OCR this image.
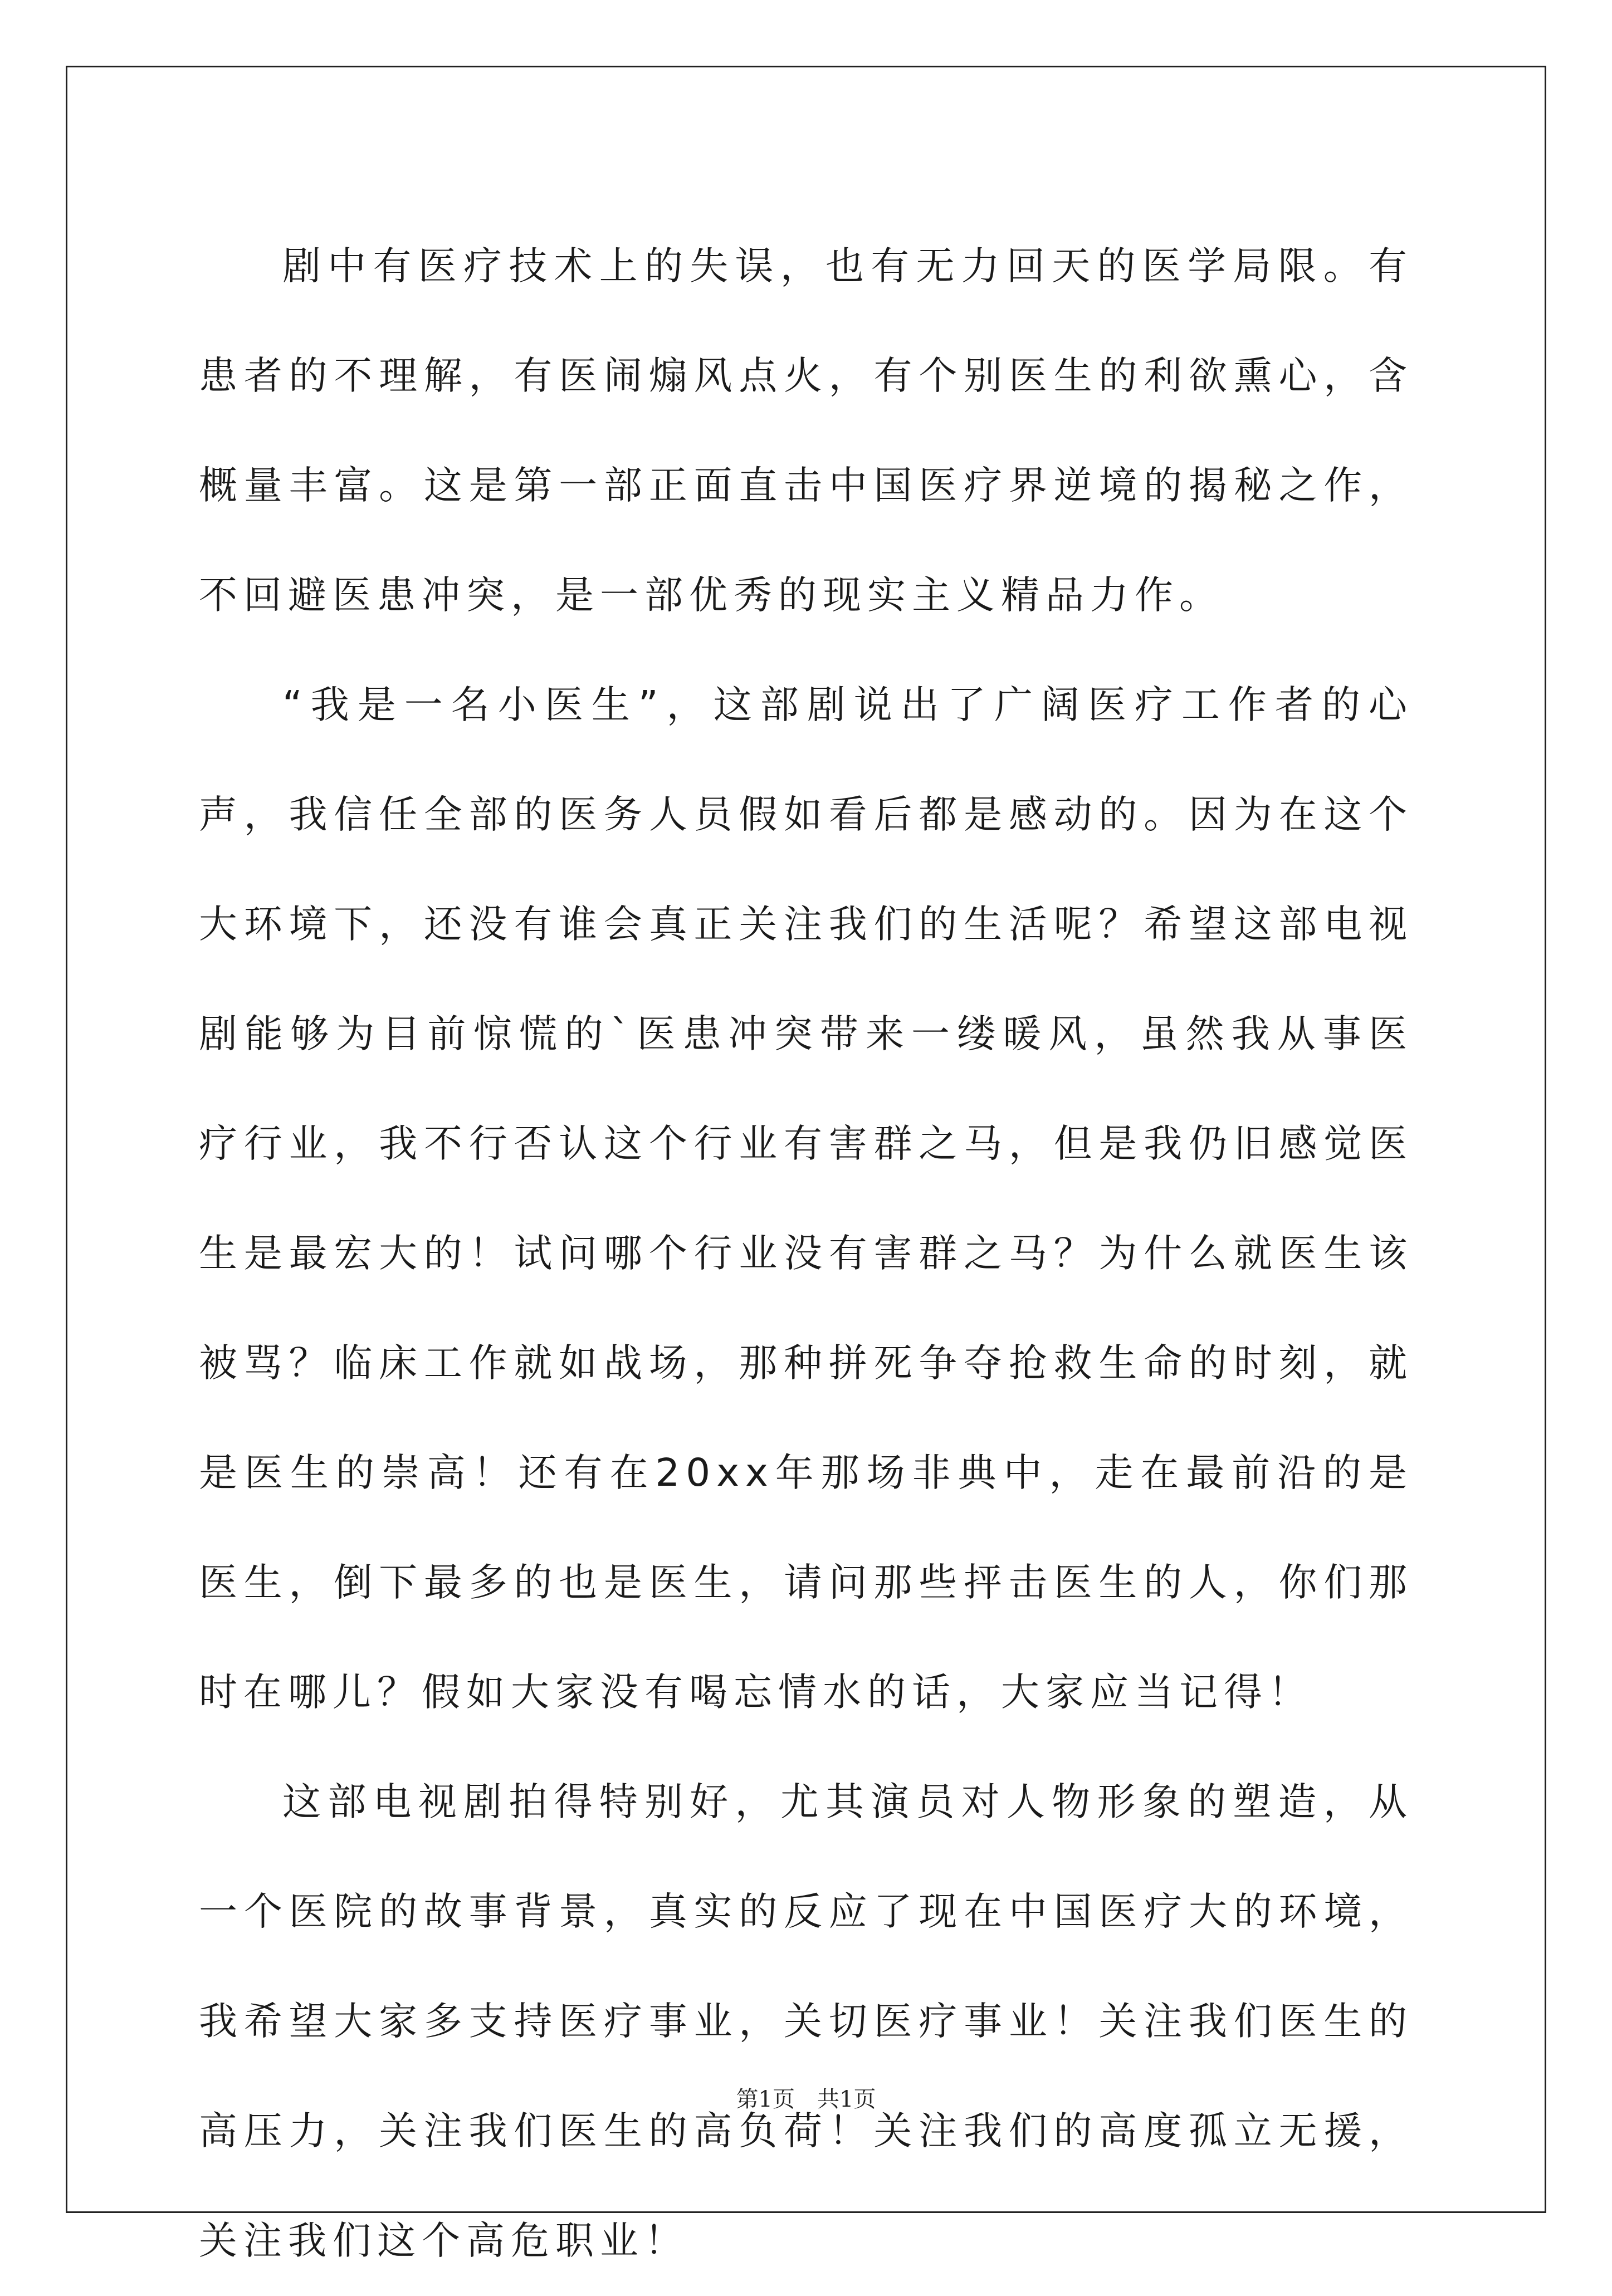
剧中有医疗技术上的失误，也有无力回天的医学局限。有患者的不理解，有医闹煽风点火，有个别医生的利欲熏心，含概量丰富。这是第一部正面直击中国医疗界逆境的揭秘之作，不回避医患冲突，是一部优秀的现实主义精品力作。

“我是一名小医生”，这部剧说出了广阔医疗工作者的心声，我信任全部的医务人员假如看后都是感动的。因为在这个大环境下，还没有谁会真正关注我们的生活呢？希望这部电视剧能够为目前惊慌的`医患冲突带来一缕暖风，虽然我从事医疗行业，我不行否认这个行业有害群之马，但是我仍旧感觉医生是最宏大的！试问哪个行业没有害群之马？为什么就医生该被骂？临床工作就如战场，那种拼死争夺抢救生命的时刻，就是医生的崇高！还有在20xx年那场非典中，走在最前沿的是医生，倒下最多的也是医生，请问那些抨击医生的人，你们那时在哪儿？假如大家没有喝忘情水的话，大家应当记得！

这部电视剧拍得特别好，尤其演员对人物形象的塑造，从一个医院的故事背景，真实的反应了现在中国医疗大的环境，我希望大家多支持医疗事业，关切医疗事业！关注我们医生的高压力，关注我们医生的高负荷！关注我们的高度孤立无援，关注我们这个高危职业！

第1页 共1页
